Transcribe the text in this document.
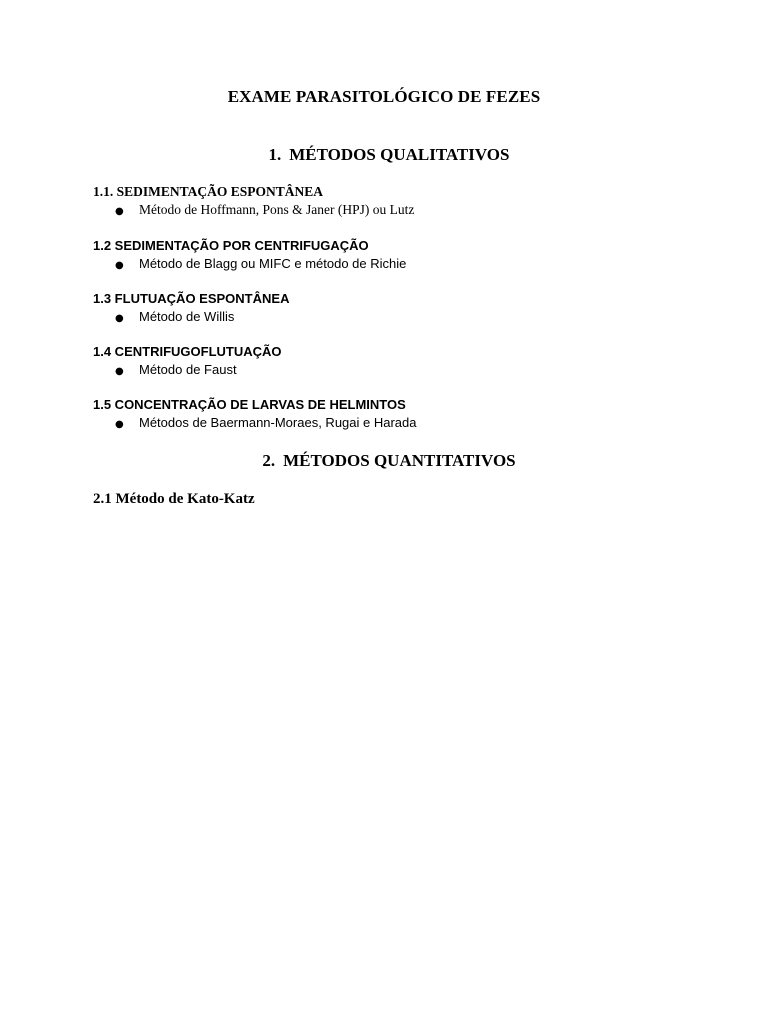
EXAME PARASITOLÓGICO DE FEZES
1. MÉTODOS QUALITATIVOS
1.1. SEDIMENTAÇÃO ESPONTÂNEA
●	Método de Hoffmann, Pons & Janer (HPJ) ou Lutz
1.2 SEDIMENTAÇÃO POR CENTRIFUGAÇÃO
●	Método de Blagg ou MIFC e método de Richie
1.3 FLUTUAÇÃO ESPONTÂNEA
●	Método de Willis
1.4 CENTRIFUGOFLUTUAÇÃO
●	Método de Faust
1.5 CONCENTRAÇÃO DE LARVAS DE HELMINTOS
●	Métodos de Baermann-Moraes, Rugai e Harada
2. MÉTODOS QUANTITATIVOS
2.1 Método de Kato-Katz
